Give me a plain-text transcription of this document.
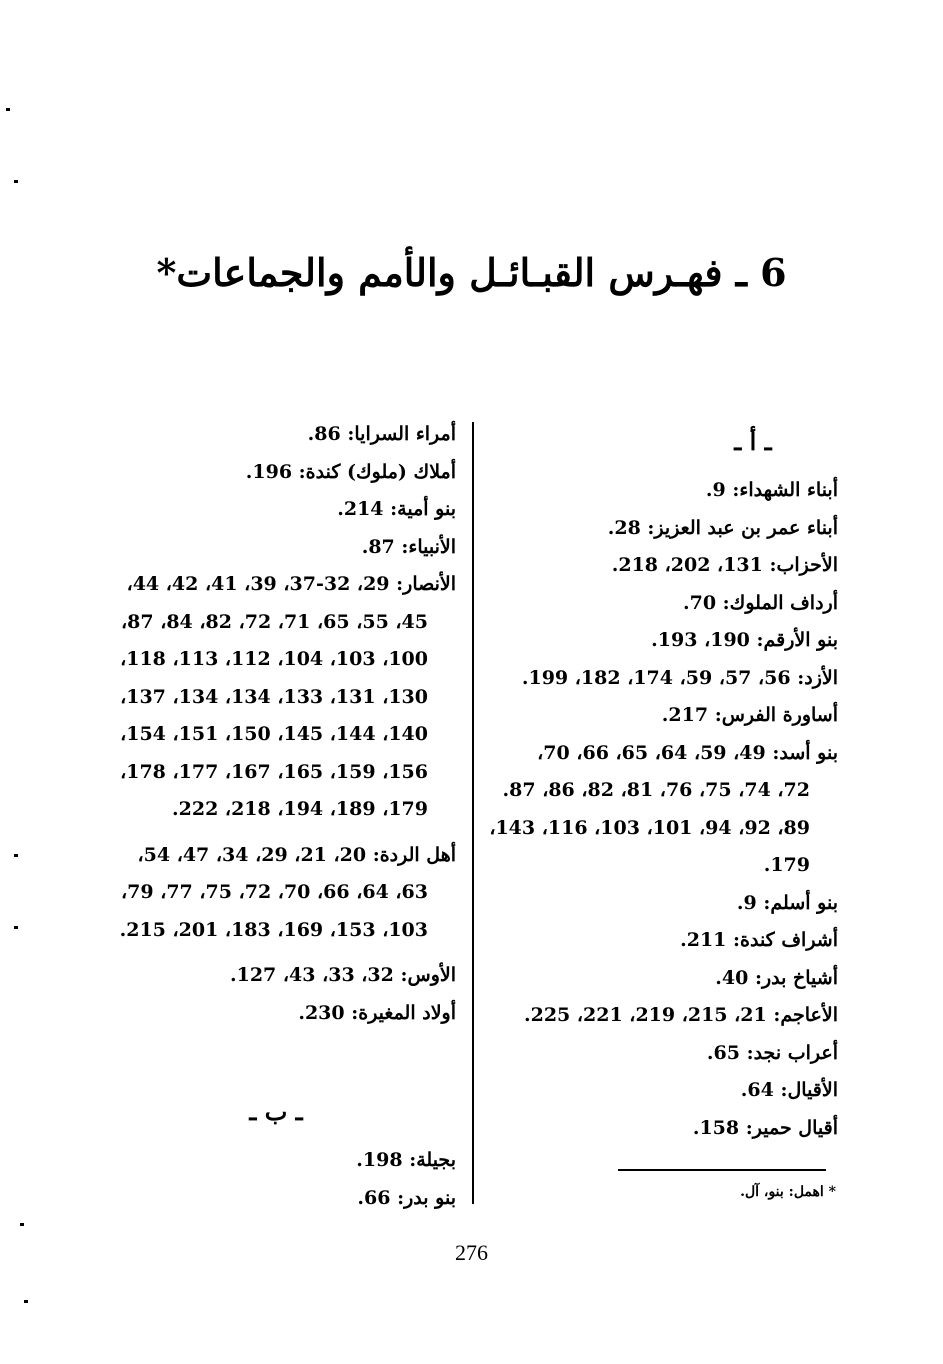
6 ـ فهـرس القبـائـل والأمم والجماعات*
ـ أ ـ
أبناء الشهداء: 9.
أبناء عمر بن عبد العزيز: 28.
الأحزاب: 131، 202، 218.
أرداف الملوك: 70.
بنو الأرقم: 190، 193.
الأزد: 56، 57، 59، 174، 182، 199.
أساورة الفرس: 217.
بنو أسد: 49، 59، 64، 65، 66، 70،
72، 74، 75، 76، 81، 82، 86، 87.
89، 92، 94، 101، 103، 116، 143،
179.
بنو أسلم: 9.
أشراف كندة: 211.
أشياخ بدر: 40.
الأعاجم: 21، 215، 219، 221، 225.
أعراب نجد: 65.
الأقيال: 64.
أقيال حمير: 158.
أمراء السرايا: 86.
أملاك (ملوك) كندة: 196.
بنو أمية: 214.
الأنبياء: 87.
الأنصار: 29، 32-37، 39، 41، 42، 44،
45، 55، 65، 71، 72، 82، 84، 87،
100، 103، 104، 112، 113، 118،
130، 131، 133، 134، 134، 137،
140، 144، 145، 150، 151، 154،
156، 159، 165، 167، 177، 178،
179، 189، 194، 218، 222.
أهل الردة: 20، 21، 29، 34، 47، 54،
63، 64، 66، 70، 72، 75، 77، 79،
103، 153، 169، 183، 201، 215.
الأوس: 32، 33، 43، 127.
أولاد المغيرة: 230.
ـ ب ـ
بجيلة: 198.
بنو بدر: 66.	* اهمل: بنو، آل.
276
